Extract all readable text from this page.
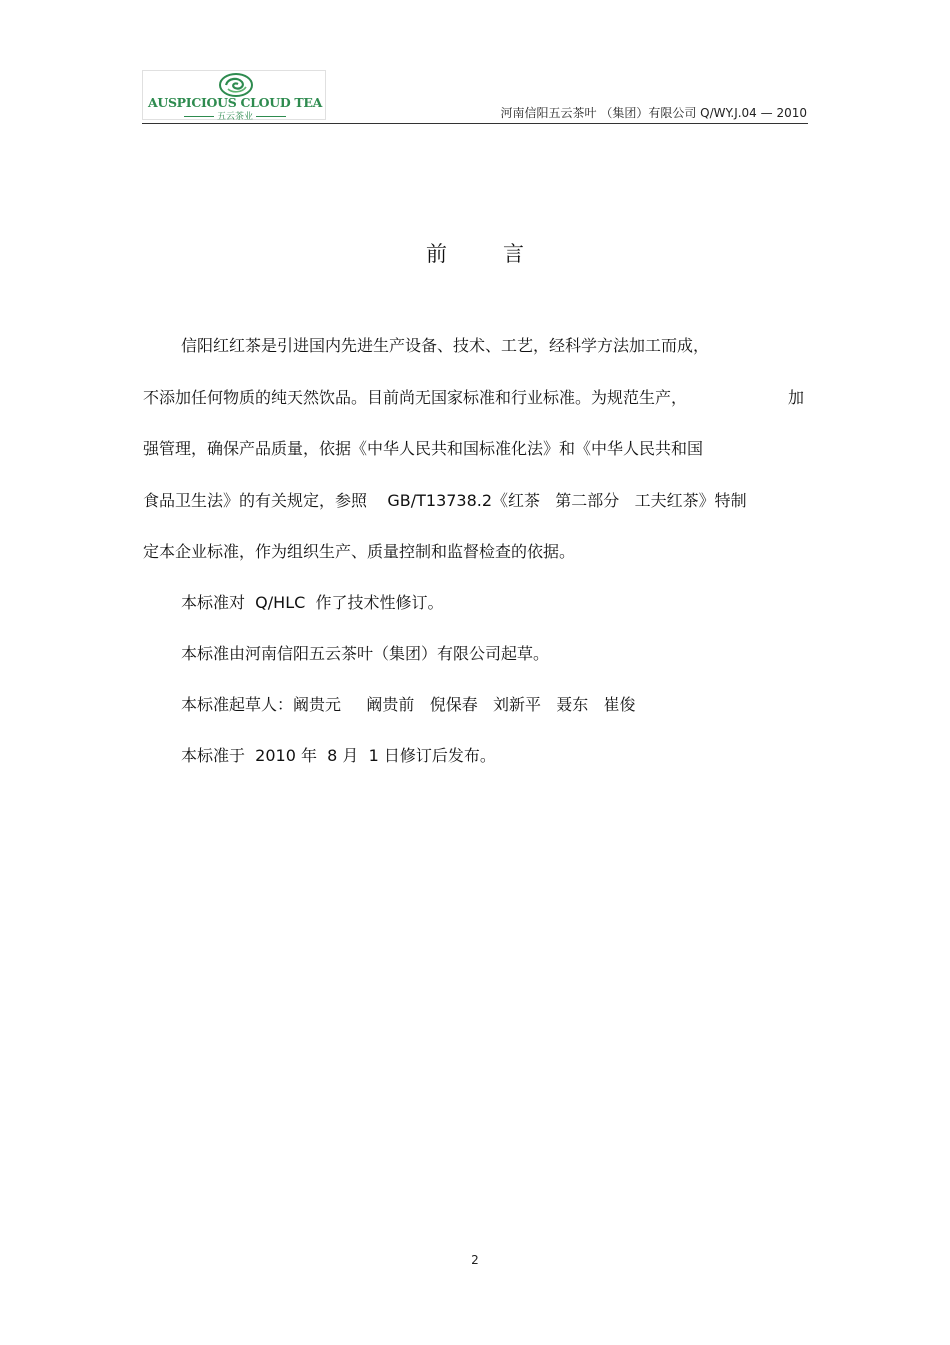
AUSPICIOUS CLOUD TEA
五云茶业	河南信阳五云茶叶 （集团）有限公司 Q/WY.J.04 — 2010
前	言
信阳红红茶是引进国内先进生产设备、技术、工艺，经科学方法加工而成，
不添加任何物质的纯天然饮品。目前尚无国家标准和行业标准。为规范生产，	加
强管理，确保产品质量，依据《中华人民共和国标准化法》和《中华人民共和国
食品卫生法》的有关规定，参照    GB/T13738.2《红茶   第二部分   工夫红茶》特制
定本企业标准，作为组织生产、质量控制和监督检查的依据。
本标准对  Q/HLC  作了技术性修订。
本标准由河南信阳五云茶叶（集团）有限公司起草。
本标准起草人：阚贵元     阚贵前   倪保春   刘新平   聂东   崔俊
本标准于  2010 年  8 月  1 日修订后发布。
2
